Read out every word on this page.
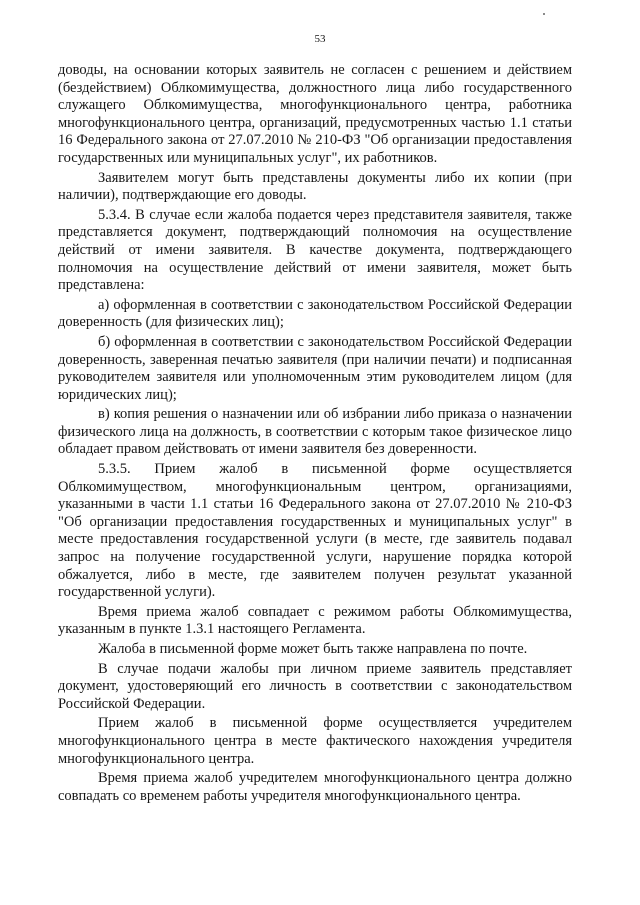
53

доводы, на основании которых заявитель не согласен с решением и действием (бездействием) Облкомимущества, должностного лица либо государственного служащего Облкомимущества, многофункционального центра, работника многофункционального центра, организаций, предусмотренных частью 1.1 статьи 16 Федерального закона от 27.07.2010 № 210-ФЗ "Об организации предоставления государственных или муниципальных услуг", их работников.

Заявителем могут быть представлены документы либо их копии (при наличии), подтверждающие его доводы.

5.3.4. В случае если жалоба подается через представителя заявителя, также представляется документ, подтверждающий полномочия на осуществление действий от имени заявителя. В качестве документа, подтверждающего полномочия на осуществление действий от имени заявителя, может быть представлена:

а) оформленная в соответствии с законодательством Российской Федерации доверенность (для физических лиц);

б) оформленная в соответствии с законодательством Российской Федерации доверенность, заверенная печатью заявителя (при наличии печати) и подписанная руководителем заявителя или уполномоченным этим руководителем лицом (для юридических лиц);

в) копия решения о назначении или об избрании либо приказа о назначении физического лица на должность, в соответствии с которым такое физическое лицо обладает правом действовать от имени заявителя без доверенности.

5.3.5. Прием жалоб в письменной форме осуществляется Облкомимуществом, многофункциональным центром, организациями, указанными в части 1.1 статьи 16 Федерального закона от 27.07.2010 № 210-ФЗ "Об организации предоставления государственных и муниципальных услуг" в месте предоставления государственной услуги (в месте, где заявитель подавал запрос на получение государственной услуги, нарушение порядка которой обжалуется, либо в месте, где заявителем получен результат указанной государственной услуги).

Время приема жалоб совпадает с режимом работы Облкомимущества, указанным в пункте 1.3.1 настоящего Регламента.

Жалоба в письменной форме может быть также направлена по почте.

В случае подачи жалобы при личном приеме заявитель представляет документ, удостоверяющий его личность в соответствии с законодательством Российской Федерации.

Прием жалоб в письменной форме осуществляется учредителем многофункционального центра в месте фактического нахождения учредителя многофункционального центра.

Время приема жалоб учредителем многофункционального центра должно совпадать со временем работы учредителя многофункционального центра.
